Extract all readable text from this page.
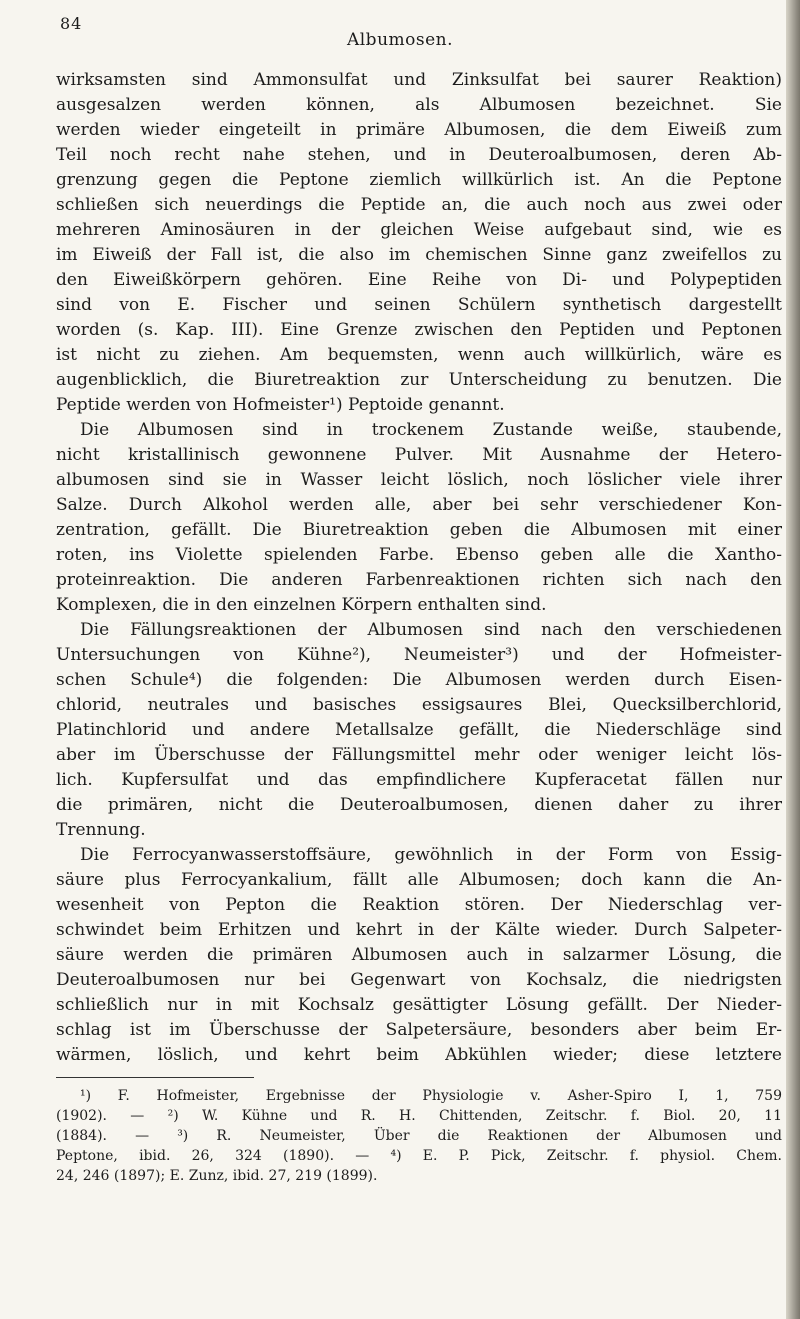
84
Albumosen.
wirksamsten sind Ammonsulfat und Zinksulfat bei saurer Reaktion)
ausgesalzen werden können, als Albumosen bezeichnet. Sie
werden wieder eingeteilt in primäre Albumosen, die dem Eiweiß zum
Teil noch recht nahe stehen, und in Deuteroalbumosen, deren Ab-
grenzung gegen die Peptone ziemlich willkürlich ist. An die Peptone
schließen sich neuerdings die Peptide an, die auch noch aus zwei oder
mehreren Aminosäuren in der gleichen Weise aufgebaut sind, wie es
im Eiweiß der Fall ist, die also im chemischen Sinne ganz zweifellos zu
den Eiweißkörpern gehören. Eine Reihe von Di- und Polypeptiden
sind von E. Fischer und seinen Schülern synthetisch dargestellt
worden (s. Kap. III). Eine Grenze zwischen den Peptiden und Peptonen
ist nicht zu ziehen. Am bequemsten, wenn auch willkürlich, wäre es
augenblicklich, die Biuretreaktion zur Unterscheidung zu benutzen. Die
Peptide werden von Hofmeister¹) Peptoide genannt.
Die Albumosen sind in trockenem Zustande weiße, staubende,
nicht kristallinisch gewonnene Pulver. Mit Ausnahme der Hetero-
albumosen sind sie in Wasser leicht löslich, noch löslicher viele ihrer
Salze. Durch Alkohol werden alle, aber bei sehr verschiedener Kon-
zentration, gefällt. Die Biuretreaktion geben die Albumosen mit einer
roten, ins Violette spielenden Farbe. Ebenso geben alle die Xantho-
proteinreaktion. Die anderen Farbenreaktionen richten sich nach den
Komplexen, die in den einzelnen Körpern enthalten sind.
Die Fällungsreaktionen der Albumosen sind nach den verschiedenen
Untersuchungen von Kühne²), Neumeister³) und der Hofmeister-
schen Schule⁴) die folgenden: Die Albumosen werden durch Eisen-
chlorid, neutrales und basisches essigsaures Blei, Quecksilberchlorid,
Platinchlorid und andere Metallsalze gefällt, die Niederschläge sind
aber im Überschusse der Fällungsmittel mehr oder weniger leicht lös-
lich. Kupfersulfat und das empfindlichere Kupferacetat fällen nur
die primären, nicht die Deuteroalbumosen, dienen daher zu ihrer
Trennung.
Die Ferrocyanwasserstoffsäure, gewöhnlich in der Form von Essig-
säure plus Ferrocyankalium, fällt alle Albumosen; doch kann die An-
wesenheit von Pepton die Reaktion stören. Der Niederschlag ver-
schwindet beim Erhitzen und kehrt in der Kälte wieder. Durch Salpeter-
säure werden die primären Albumosen auch in salzarmer Lösung, die
Deuteroalbumosen nur bei Gegenwart von Kochsalz, die niedrigsten
schließlich nur in mit Kochsalz gesättigter Lösung gefällt. Der Nieder-
schlag ist im Überschusse der Salpetersäure, besonders aber beim Er-
wärmen, löslich, und kehrt beim Abkühlen wieder; diese letztere
¹) F. Hofmeister, Ergebnisse der Physiologie v. Asher-Spiro I, 1, 759
(1902). — ²) W. Kühne und R. H. Chittenden, Zeitschr. f. Biol. 20, 11
(1884). — ³) R. Neumeister, Über die Reaktionen der Albumosen und
Peptone, ibid. 26, 324 (1890). — ⁴) E. P. Pick, Zeitschr. f. physiol. Chem.
24, 246 (1897); E. Zunz, ibid. 27, 219 (1899).
